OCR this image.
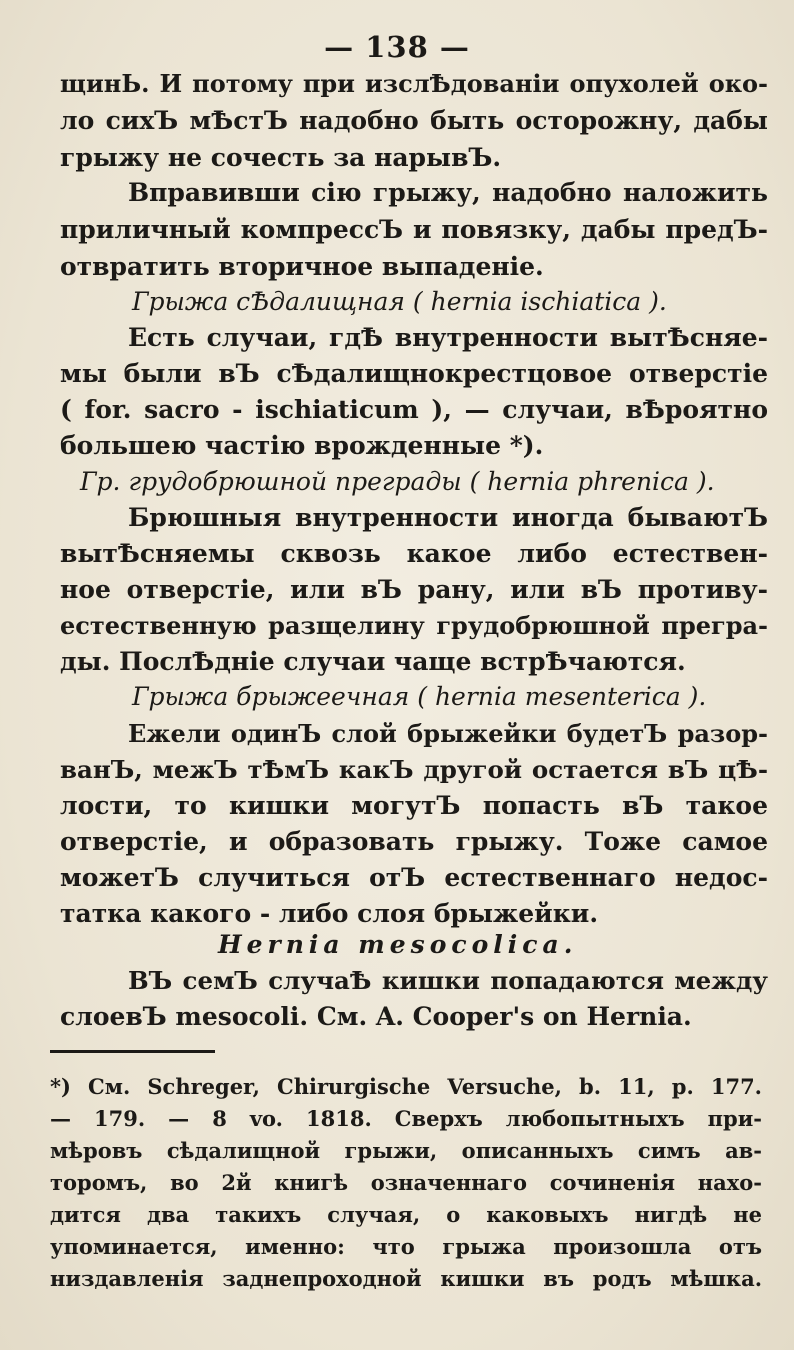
— 138 —
щинЬ. И потому при изслѢдованіи опухолей око-
ло сихЪ мѢстЪ надобно быть осторожну, дабы
грыжу не сочесть за нарывЪ.
Вправивши сію грыжу, надобно наложить
приличный компрессЪ и повязку, дабы предЪ-
отвратить вторичное выпаденіе.
Грыжа сѢдалищная ( hernia ischiatica ).
Есть случаи, гдѢ внутренности вытѢсняе-
мы были вЪ сѢдалищнокрестцовое отверстіе
( for. sacro - ischiaticum ), — случаи, вѢроятно
большею частію врожденные *).
Гр. грудобрюшной преграды ( hernia phrenica ).
Брюшныя внутренности иногда бываютЪ
вытѢсняемы сквозь какое либо естествен-
ное отверстіе, или вЪ рану, или вЪ противу-
естественную разщелину грудобрюшной прегра-
ды. ПослѢдніе случаи чаще встрѢчаются.
Грыжа брыжеечная ( hernia mesenterica ).
Ежели одинЪ слой брыжейки будетЪ разор-
ванЪ, межЪ тѢмЪ какЪ другой остается вЪ цѢ-
лости, то кишки могутЪ попасть вЪ такое
отверстіе, и образовать грыжу. Тоже самое
можетЪ случиться отЪ естественнаго недос-
татка какого - либо слоя брыжейки.
Hernia mesocolica.
ВЪ семЪ случаѢ кишки попадаются между
слоевЪ mesocoli. См. A. Cooper's on Hernia.
*) См. Schreger, Chirurgische Versuche, b. 11, p. 177.
— 179. — 8 vo. 1818. Сверхъ любопытныхъ при-
мѣровъ сѣдалищной грыжи, описанныхъ симъ ав-
торомъ, во 2й книгѣ означеннаго сочиненія нахо-
дится два такихъ случая, о каковыхъ нигдѣ не
упоминается, именно: что грыжа произошла отъ
низдавленія заднепроходной кишки въ родъ мѣшка.
